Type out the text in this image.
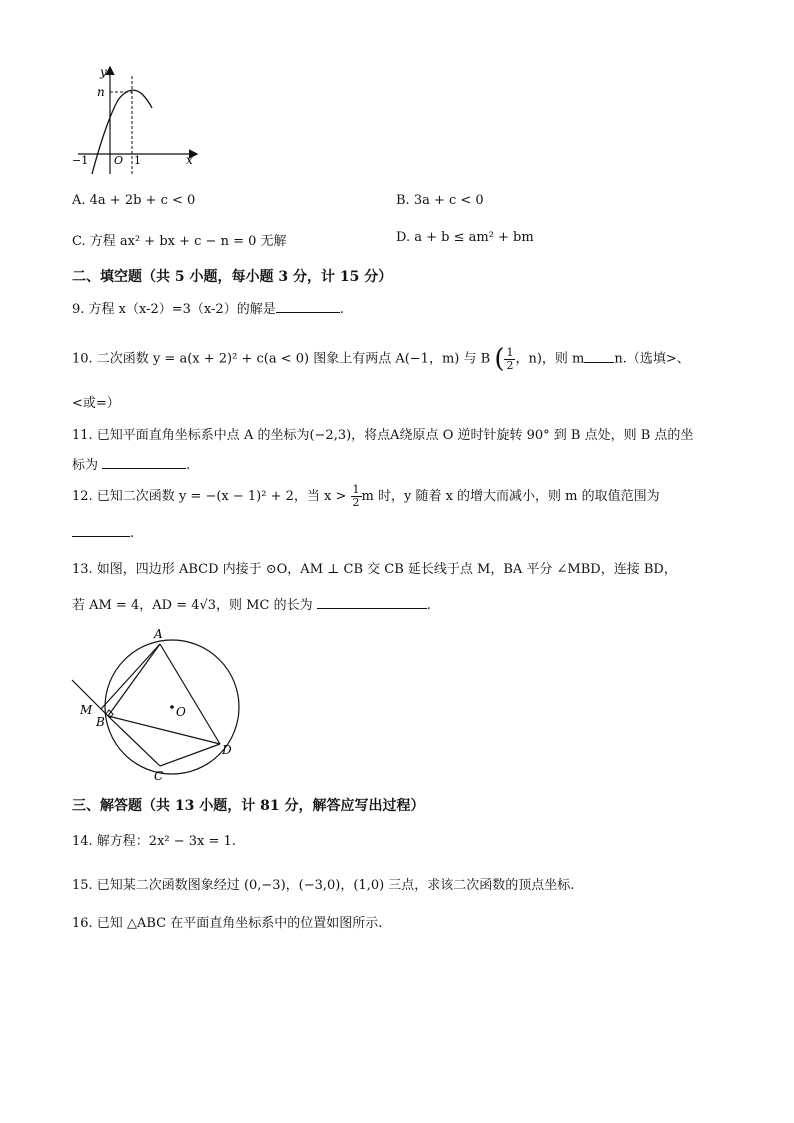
y
n
−1 O 1	x
A. 4a + 2b + c < 0	B. 3a + c < 0
C. 方程 ax² + bx + c − n = 0 无解	D. a + b ≤ am² + bm
二、填空题（共 5 小题，每小题 3 分，计 15 分）
9. 方程 x（x-2）=3（x-2）的解是	.
10. 二次函数 y = a(x + 2)² + c(a < 0) 图象上有两点 A(−1，m) 与 B ( $\frac{1}{2}$ ，n)，则 m n.（选填>、
<或=）
11. 已知平面直角坐标系中点 A 的坐标为(−2,3)，将点A绕原点 O 逆时针旋转 90° 到 B 点处，则 B 点的坐
标为	.
12. 已知二次函数 y = −(x − 1)² + 2，当 $x > \frac{1}{2}$ m 时，y 随着 x 的增大而减小，则 m 的取值范围为
.
13. 如图，四边形 ABCD 内接于 ⊙O，AM ⊥ CB 交 CB 延长线于点 M，BA 平分 ∠MBD，连接 BD，
若 AM = 4，AD = 4√3，则 MC 的长为	.
A
M
B
O
D
C
三、解答题（共 13 小题，计 81 分，解答应写出过程）
14. 解方程：2x² − 3x = 1.
15. 已知某二次函数图象经过 (0,−3)，(−3,0)，(1,0) 三点，求该二次函数的顶点坐标.
16. 已知 △ABC 在平面直角坐标系中的位置如图所示.
